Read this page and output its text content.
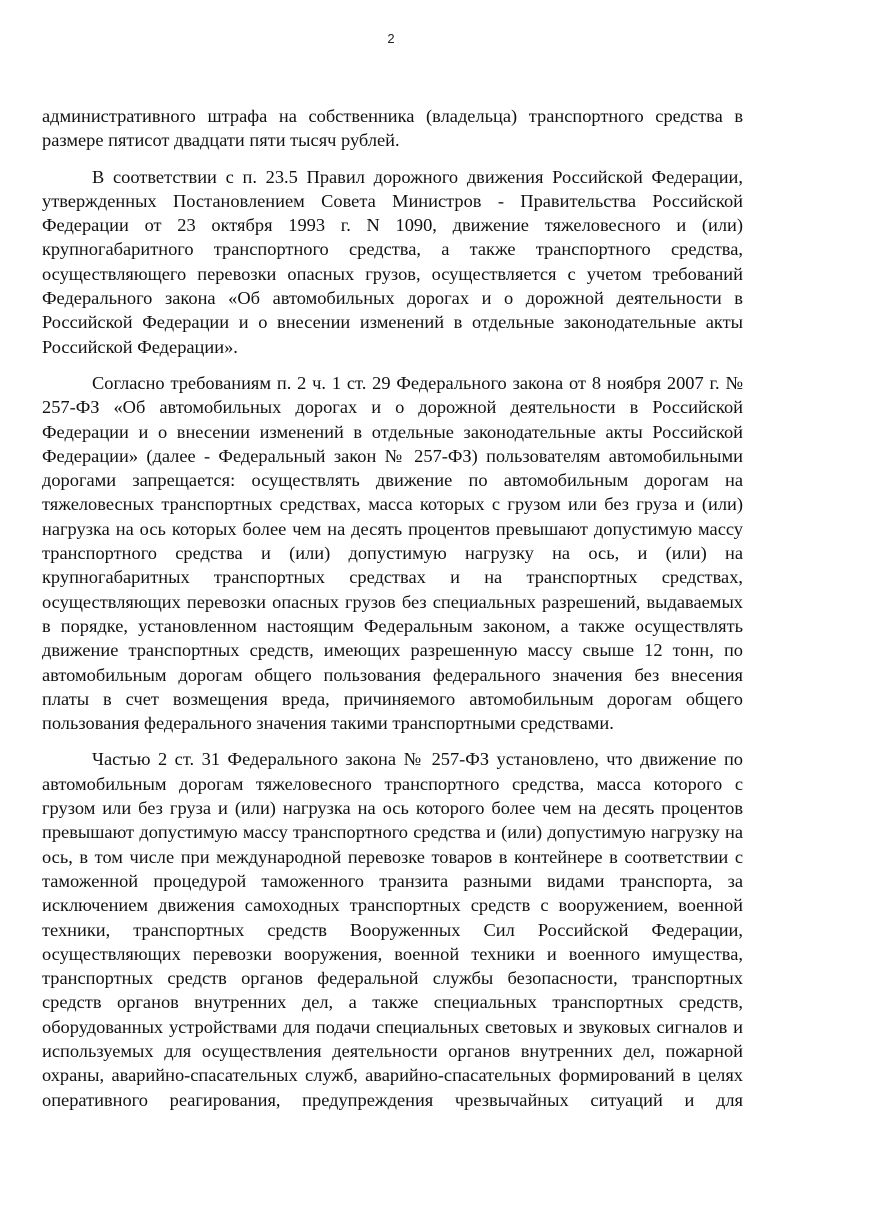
2

административного штрафа на собственника (владельца) транспортного средства в размере пятисот двадцати пяти тысяч рублей.

В соответствии с п. 23.5 Правил дорожного движения Российской Федерации, утвержденных Постановлением Совета Министров - Правительства Российской Федерации от 23 октября 1993 г. N 1090, движение тяжеловесного и (или) крупногабаритного транспортного средства, а также транспортного средства, осуществляющего перевозки опасных грузов, осуществляется с учетом требований Федерального закона «Об автомобильных дорогах и о дорожной деятельности в Российской Федерации и о внесении изменений в отдельные законодательные акты Российской Федерации».

Согласно требованиям п. 2 ч. 1 ст. 29 Федерального закона от 8 ноября 2007 г. № 257-ФЗ «Об автомобильных дорогах и о дорожной деятельности в Российской Федерации и о внесении изменений в отдельные законодательные акты Российской Федерации» (далее - Федеральный закон № 257-ФЗ) пользователям автомобильными дорогами запрещается: осуществлять движение по автомобильным дорогам на тяжеловесных транспортных средствах, масса которых с грузом или без груза и (или) нагрузка на ось которых более чем на десять процентов превышают допустимую массу транспортного средства и (или) допустимую нагрузку на ось, и (или) на крупногабаритных транспортных средствах и на транспортных средствах, осуществляющих перевозки опасных грузов без специальных разрешений, выдаваемых в порядке, установленном настоящим Федеральным законом, а также осуществлять движение транспортных средств, имеющих разрешенную массу свыше 12 тонн, по автомобильным дорогам общего пользования федерального значения без внесения платы в счет возмещения вреда, причиняемого автомобильным дорогам общего пользования федерального значения такими транспортными средствами.

Частью 2 ст. 31 Федерального закона № 257-ФЗ установлено, что движение по автомобильным дорогам тяжеловесного транспортного средства, масса которого с грузом или без груза и (или) нагрузка на ось которого более чем на десять процентов превышают допустимую массу транспортного средства и (или) допустимую нагрузку на ось, в том числе при международной перевозке товаров в контейнере в соответствии с таможенной процедурой таможенного транзита разными видами транспорта, за исключением движения самоходных транспортных средств с вооружением, военной техники, транспортных средств Вооруженных Сил Российской Федерации, осуществляющих перевозки вооружения, военной техники и военного имущества, транспортных средств органов федеральной службы безопасности, транспортных средств органов внутренних дел, а также специальных транспортных средств, оборудованных устройствами для подачи специальных световых и звуковых сигналов и используемых для осуществления деятельности органов внутренних дел, пожарной охраны, аварийно-спасательных служб, аварийно-спасательных формирований в целях оперативного реагирования, предупреждения чрезвычайных ситуаций и для
